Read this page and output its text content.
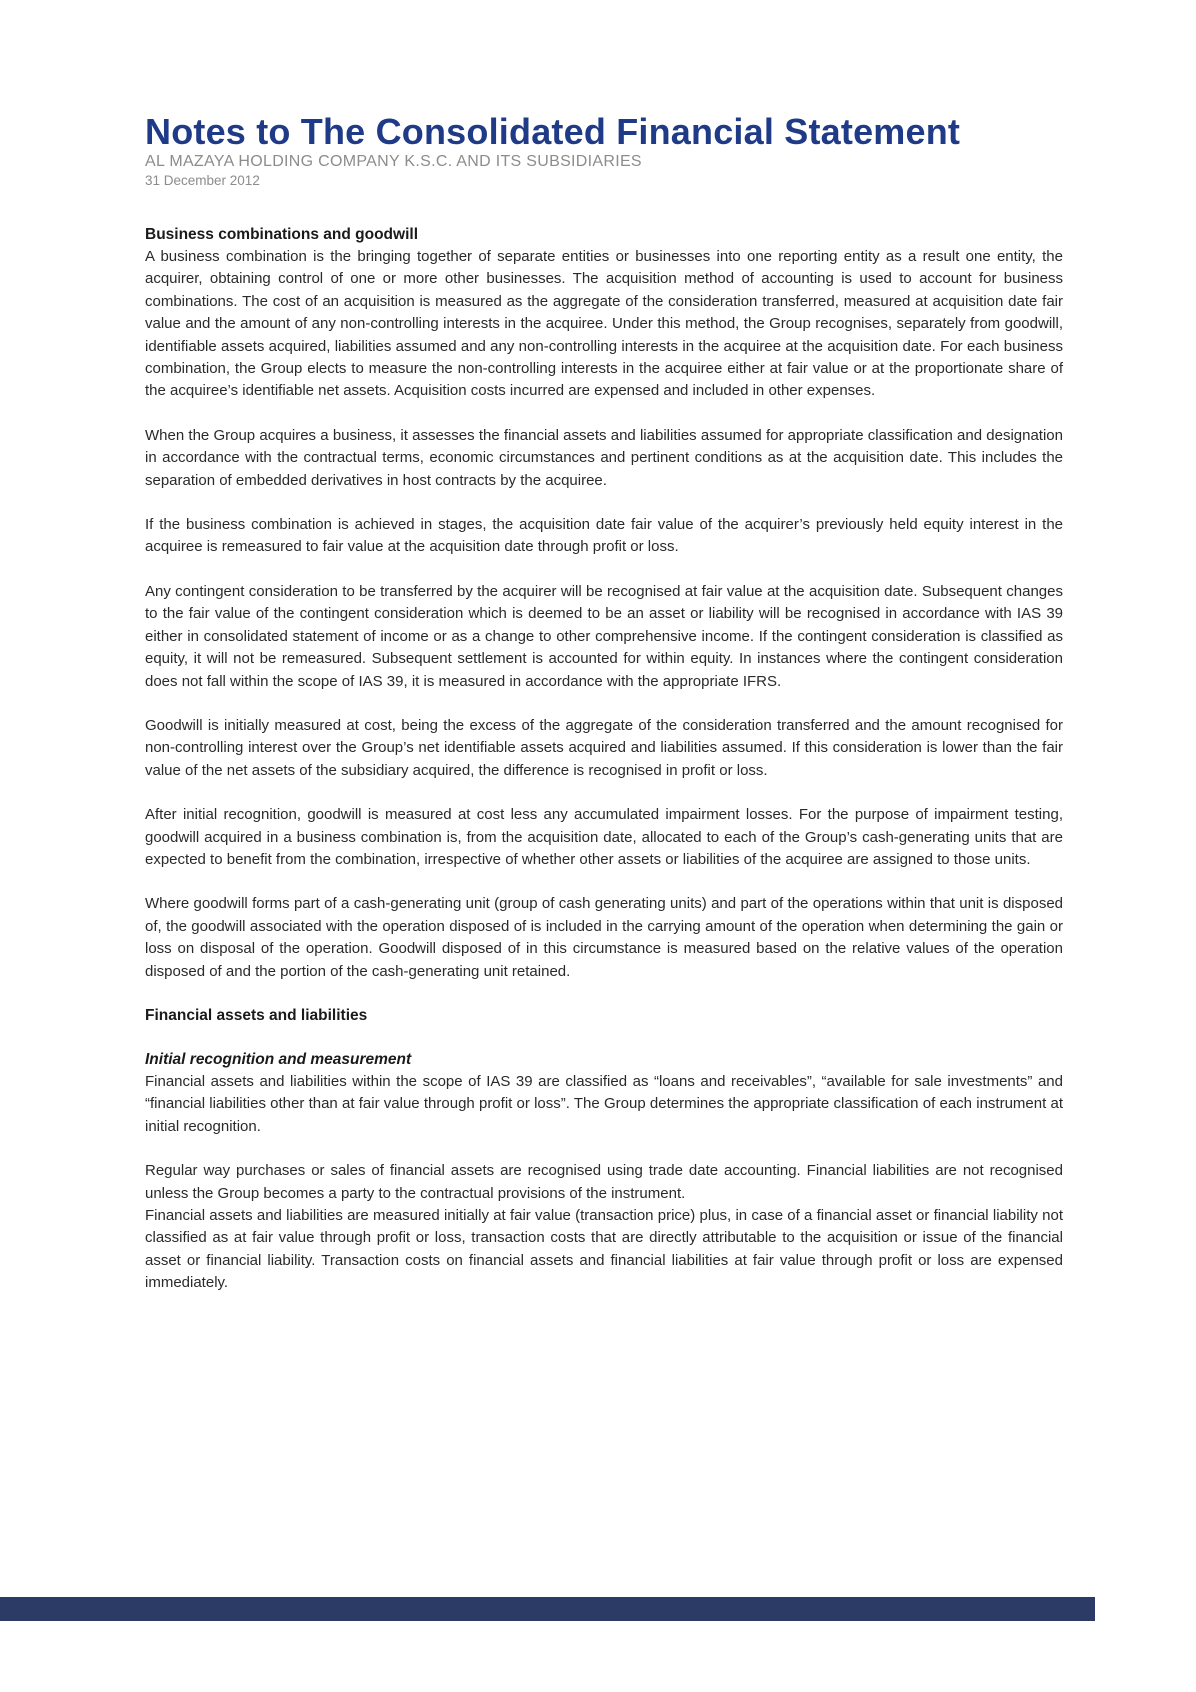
Notes to The Consolidated Financial Statement

AL MAZAYA HOLDING COMPANY K.S.C. AND ITS SUBSIDIARIES

31 December 2012

Business combinations and goodwill

A business combination is the bringing together of separate entities or businesses into one reporting entity as a result one entity, the acquirer, obtaining control of one or more other businesses. The acquisition method of accounting is used to account for business combinations. The cost of an acquisition is measured as the aggregate of the consideration transferred, measured at acquisition date fair value and the amount of any non-controlling interests in the acquiree. Under this method, the Group recognises, separately from goodwill, identifiable assets acquired, liabilities assumed and any non-controlling interests in the acquiree at the acquisition date. For each business combination, the Group elects to measure the non-controlling interests in the acquiree either at fair value or at the proportionate share of the acquiree’s identifiable net assets. Acquisition costs incurred are expensed and included in other expenses.

When the Group acquires a business, it assesses the financial assets and liabilities assumed for appropriate classification and designation in accordance with the contractual terms, economic circumstances and pertinent conditions as at the acquisition date. This includes the separation of embedded derivatives in host contracts by the acquiree.

If the business combination is achieved in stages, the acquisition date fair value of the acquirer’s previously held equity interest in the acquiree is remeasured to fair value at the acquisition date through profit or loss.

Any contingent consideration to be transferred by the acquirer will be recognised at fair value at the acquisition date. Subsequent changes to the fair value of the contingent consideration which is deemed to be an asset or liability will be recognised in accordance with IAS 39 either in consolidated statement of income or as a change to other comprehensive income. If the contingent consideration is classified as equity, it will not be remeasured. Subsequent settlement is accounted for within equity. In instances where the contingent consideration does not fall within the scope of IAS 39, it is measured in accordance with the appropriate IFRS.

Goodwill is initially measured at cost, being the excess of the aggregate of the consideration transferred and the amount recognised for non-controlling interest over the Group’s net identifiable assets acquired and liabilities assumed. If this consideration is lower than the fair value of the net assets of the subsidiary acquired, the difference is recognised in profit or loss.

After initial recognition, goodwill is measured at cost less any accumulated impairment losses. For the purpose of impairment testing, goodwill acquired in a business combination is, from the acquisition date, allocated to each of the Group’s cash-generating units that are expected to benefit from the combination, irrespective of whether other assets or liabilities of the acquiree are assigned to those units.

Where goodwill forms part of a cash-generating unit (group of cash generating units) and part of the operations within that unit is disposed of, the goodwill associated with the operation disposed of is included in the carrying amount of the operation when determining the gain or loss on disposal of the operation. Goodwill disposed of in this circumstance is measured based on the relative values of the operation disposed of and the portion of the cash-generating unit retained.

Financial assets and liabilities
Initial recognition and measurement

Financial assets and liabilities within the scope of IAS 39 are classified as “loans and receivables”, “available for sale investments” and “financial liabilities other than at fair value through profit or loss”. The Group determines the appropriate classification of each instrument at initial recognition.

Regular way purchases or sales of financial assets are recognised using trade date accounting. Financial liabilities are not recognised unless the Group becomes a party to the contractual provisions of the instrument.

Financial assets and liabilities are measured initially at fair value (transaction price) plus, in case of a financial asset or financial liability not classified as at fair value through profit or loss, transaction costs that are directly attributable to the acquisition or issue of the financial asset or financial liability. Transaction costs on financial assets and financial liabilities at fair value through profit or loss are expensed immediately.
